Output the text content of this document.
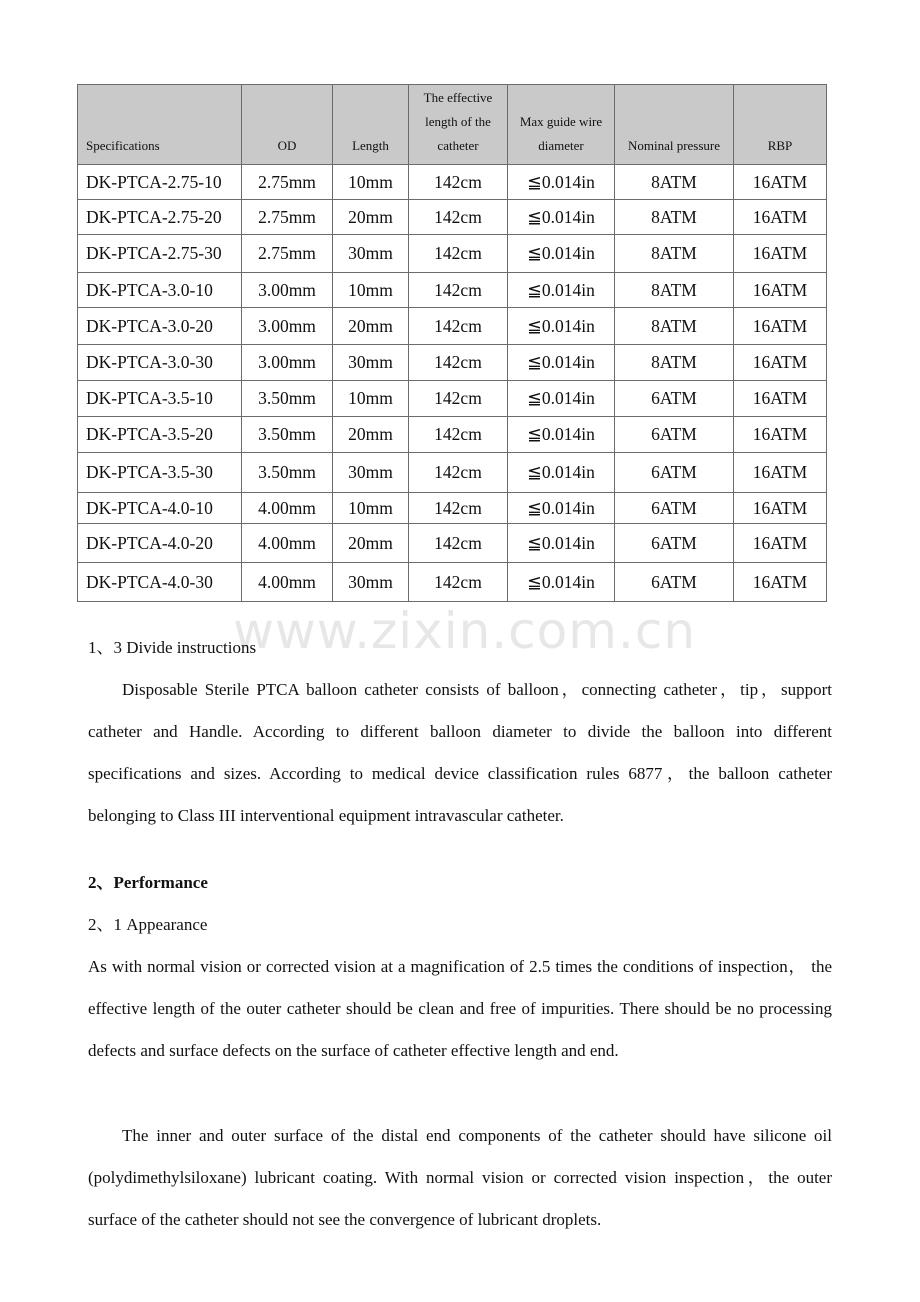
Specifications	OD	Length	The effective length of the catheter	Max guide wire diameter	Nominal pressure	RBP
DK-PTCA-2.75-10	2.75mm	10mm	142cm	≦0.014in	8ATM	16ATM
DK-PTCA-2.75-20	2.75mm	20mm	142cm	≦0.014in	8ATM	16ATM
DK-PTCA-2.75-30	2.75mm	30mm	142cm	≦0.014in	8ATM	16ATM
DK-PTCA-3.0-10	3.00mm	10mm	142cm	≦0.014in	8ATM	16ATM
DK-PTCA-3.0-20	3.00mm	20mm	142cm	≦0.014in	8ATM	16ATM
DK-PTCA-3.0-30	3.00mm	30mm	142cm	≦0.014in	8ATM	16ATM
DK-PTCA-3.5-10	3.50mm	10mm	142cm	≦0.014in	6ATM	16ATM
DK-PTCA-3.5-20	3.50mm	20mm	142cm	≦0.014in	6ATM	16ATM
DK-PTCA-3.5-30	3.50mm	30mm	142cm	≦0.014in	6ATM	16ATM
DK-PTCA-4.0-10	4.00mm	10mm	142cm	≦0.014in	6ATM	16ATM
DK-PTCA-4.0-20	4.00mm	20mm	142cm	≦0.014in	6ATM	16ATM
DK-PTCA-4.0-30	4.00mm	30mm	142cm	≦0.014in	6ATM	16ATM
www.zixin.com.cn

1、3 Divide instructions

Disposable Sterile PTCA balloon catheter consists of balloon，connecting catheter，tip，support catheter and Handle. According to different balloon diameter to divide the balloon into different specifications and sizes. According to medical device classification rules 6877，the balloon catheter belonging to Class III interventional equipment intravascular catheter.

2、Performance

2、1 Appearance

As with normal vision or corrected vision at a magnification of 2.5 times the conditions of inspection， the effective length of the outer catheter should be clean and free of impurities. There should be no processing defects and surface defects on the surface of catheter effective length and end.

The inner and outer surface of the distal end components of the catheter should have silicone oil (polydimethylsiloxane) lubricant coating. With normal vision or corrected vision inspection，the outer surface of the catheter should not see the convergence of lubricant droplets.
